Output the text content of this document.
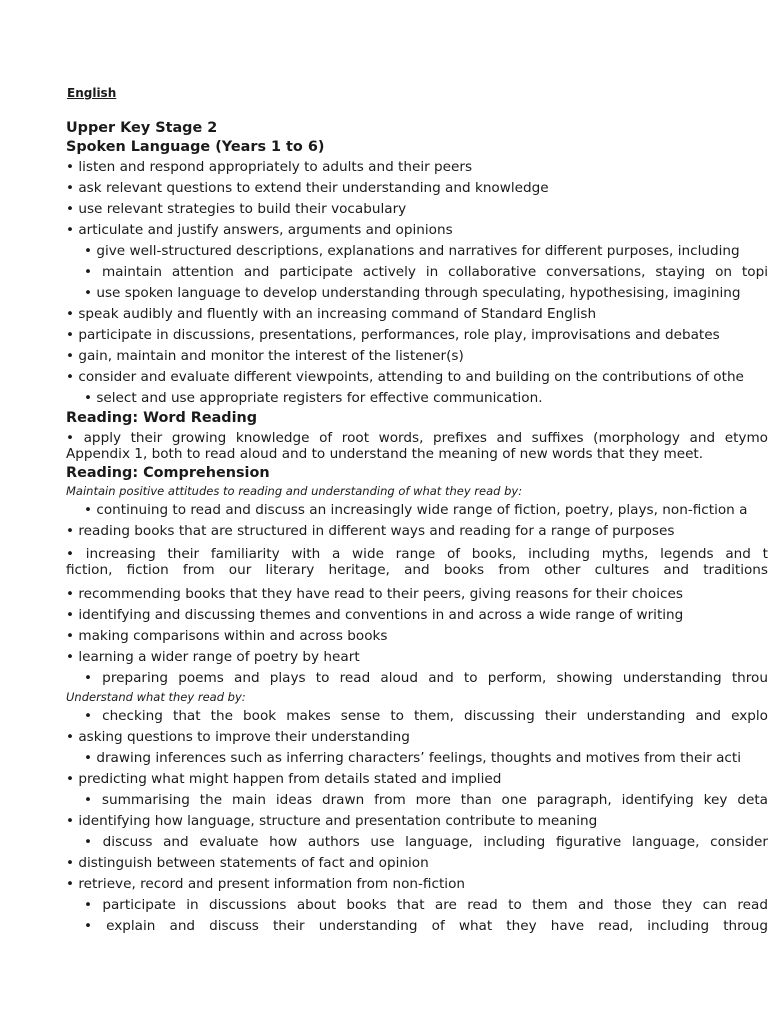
English
Upper Key Stage 2
Spoken Language (Years 1 to 6)
• listen and respond appropriately to adults and their peers
• ask relevant questions to extend their understanding and knowledge
• use relevant strategies to build their vocabulary
• articulate and justify answers, arguments and opinions
• give well-structured descriptions, explanations and narratives for different purposes, including
• maintain attention and participate actively in collaborative conversations, staying on topi
• use spoken language to develop understanding through speculating, hypothesising, imagining
• speak audibly and fluently with an increasing command of Standard English
• participate in discussions, presentations, performances, role play, improvisations and debates
• gain, maintain and monitor the interest of the listener(s)
• consider and evaluate different viewpoints, attending to and building on the contributions of othe
• select and use appropriate registers for effective communication.
Reading: Word Reading
• apply their growing knowledge of root words, prefixes and suffixes (morphology and etymo
Appendix 1, both to read aloud and to understand the meaning of new words that they meet.
Reading: Comprehension
Maintain positive attitudes to reading and understanding of what they read by:
• continuing to read and discuss an increasingly wide range of fiction, poetry, plays, non-fiction a
• reading books that are structured in different ways and reading for a range of purposes
• increasing their familiarity with a wide range of books, including myths, legends and t
fiction, fiction from our literary heritage, and books from other cultures and traditions
• recommending books that they have read to their peers, giving reasons for their choices
• identifying and discussing themes and conventions in and across a wide range of writing
• making comparisons within and across books
• learning a wider range of poetry by heart
• preparing poems and plays to read aloud and to perform, showing understanding throu
Understand what they read by:
• checking that the book makes sense to them, discussing their understanding and explo
• asking questions to improve their understanding
• drawing inferences such as inferring characters’ feelings, thoughts and motives from their acti
• predicting what might happen from details stated and implied
• summarising the main ideas drawn from more than one paragraph, identifying key deta
• identifying how language, structure and presentation contribute to meaning
• discuss and evaluate how authors use language, including figurative language, consider
• distinguish between statements of fact and opinion
• retrieve, record and present information from non-fiction
• participate in discussions about books that are read to them and those they can read
• explain and discuss their understanding of what they have read, including throug
